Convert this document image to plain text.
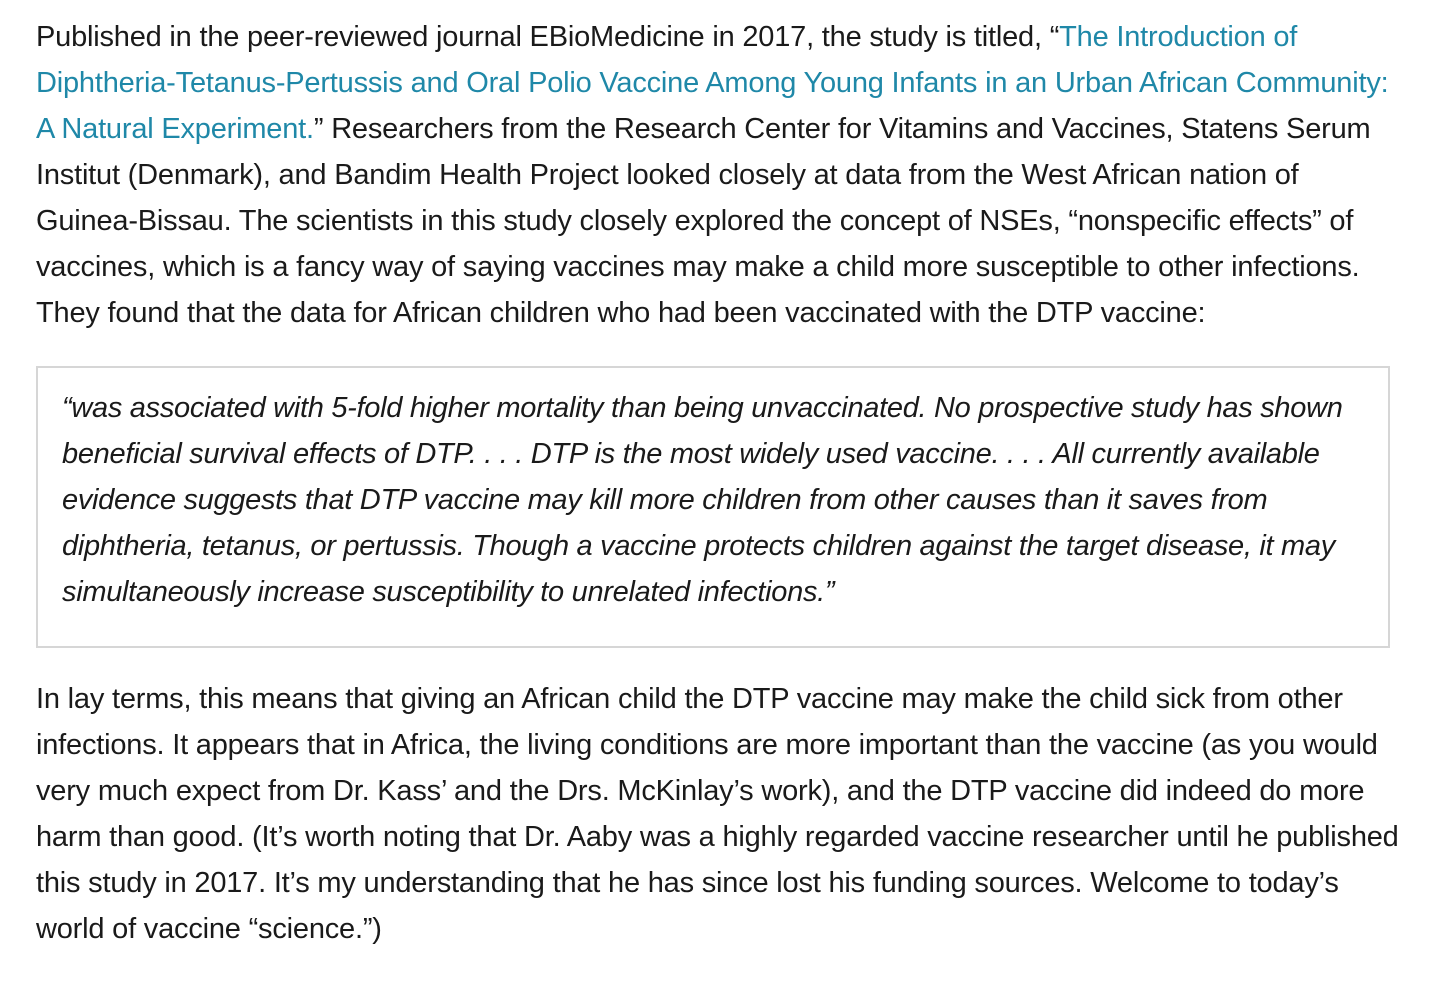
Published in the peer-reviewed journal EBioMedicine in 2017, the study is titled, “The Introduction of Diphtheria-Tetanus-Pertussis and Oral Polio Vaccine Among Young Infants in an Urban African Community: A Natural Experiment.” Researchers from the Research Center for Vitamins and Vaccines, Statens Serum Institut (Denmark), and Bandim Health Project looked closely at data from the West African nation of Guinea-Bissau. The scientists in this study closely explored the concept of NSEs, “nonspecific effects” of vaccines, which is a fancy way of saying vaccines may make a child more susceptible to other infections. They found that the data for African children who had been vaccinated with the DTP vaccine:

“was associated with 5-fold higher mortality than being unvaccinated. No prospective study has shown beneficial survival effects of DTP. . . . DTP is the most widely used vaccine. . . . All currently available evidence suggests that DTP vaccine may kill more children from other causes than it saves from diphtheria, tetanus, or pertussis. Though a vaccine protects children against the target disease, it may simultaneously increase susceptibility to unrelated infections.”

In lay terms, this means that giving an African child the DTP vaccine may make the child sick from other infections. It appears that in Africa, the living conditions are more important than the vaccine (as you would very much expect from Dr. Kass’ and the Drs. McKinlay’s work), and the DTP vaccine did indeed do more harm than good. (It’s worth noting that Dr. Aaby was a highly regarded vaccine researcher until he published this study in 2017. It’s my understanding that he has since lost his funding sources. Welcome to today’s world of vaccine “science.”)
